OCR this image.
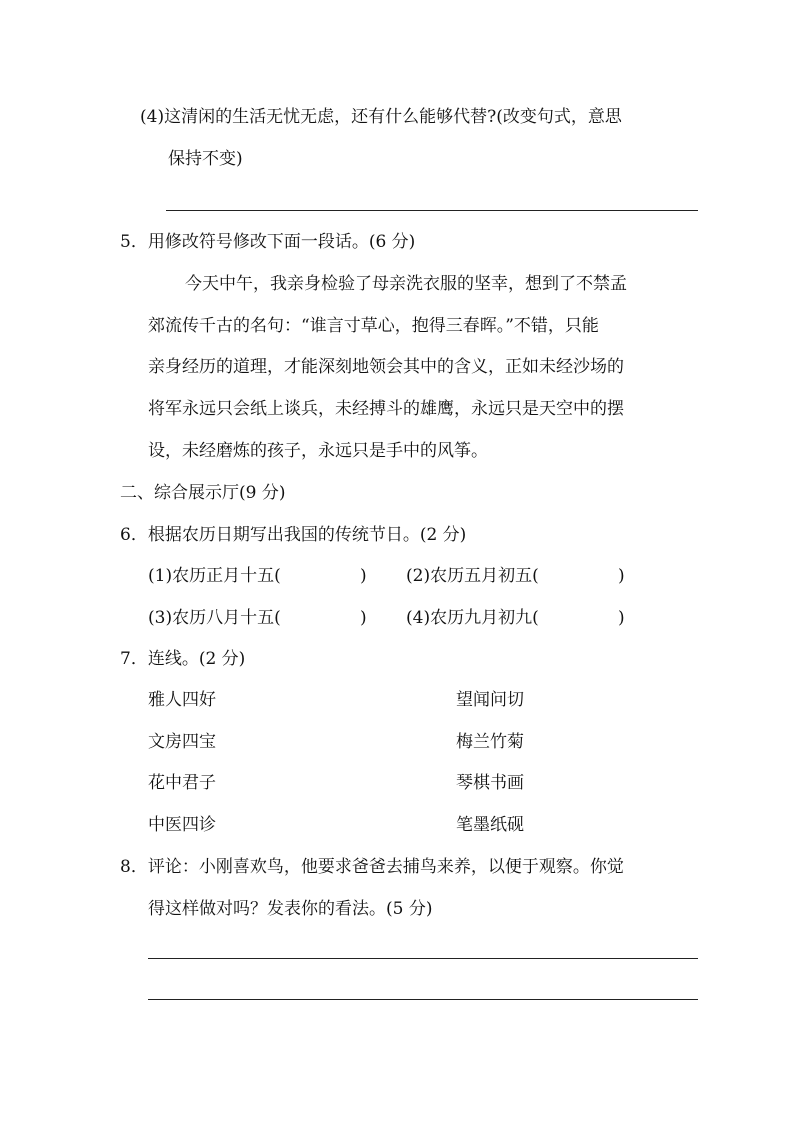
(4)这清闲的生活无忧无虑，还有什么能够代替?(改变句式，意思
保持不变)
5．用修改符号修改下面一段话。(6 分)
今天中午，我亲身检验了母亲洗衣服的坚幸，想到了不禁孟
郊流传千古的名句：“谁言寸草心，抱得三春晖。”不错，只能
亲身经历的道理，才能深刻地领会其中的含义，正如未经沙场的
将军永远只会纸上谈兵，未经搏斗的雄鹰，永远只是天空中的摆
设，未经磨炼的孩子，永远只是手中的风筝。
二、综合展示厅(9 分)
6．根据农历日期写出我国的传统节日。(2 分)
(1)农历正月十五(	) (2)农历五月初五(	)
(3)农历八月十五(	) (4)农历九月初九(	)
7．连线。(2 分)
雅人四好	望闻问切
文房四宝	梅兰竹菊
花中君子	琴棋书画
中医四诊	笔墨纸砚
8．评论：小刚喜欢鸟，他要求爸爸去捕鸟来养，以便于观察。你觉
得这样做对吗？发表你的看法。(5 分)
